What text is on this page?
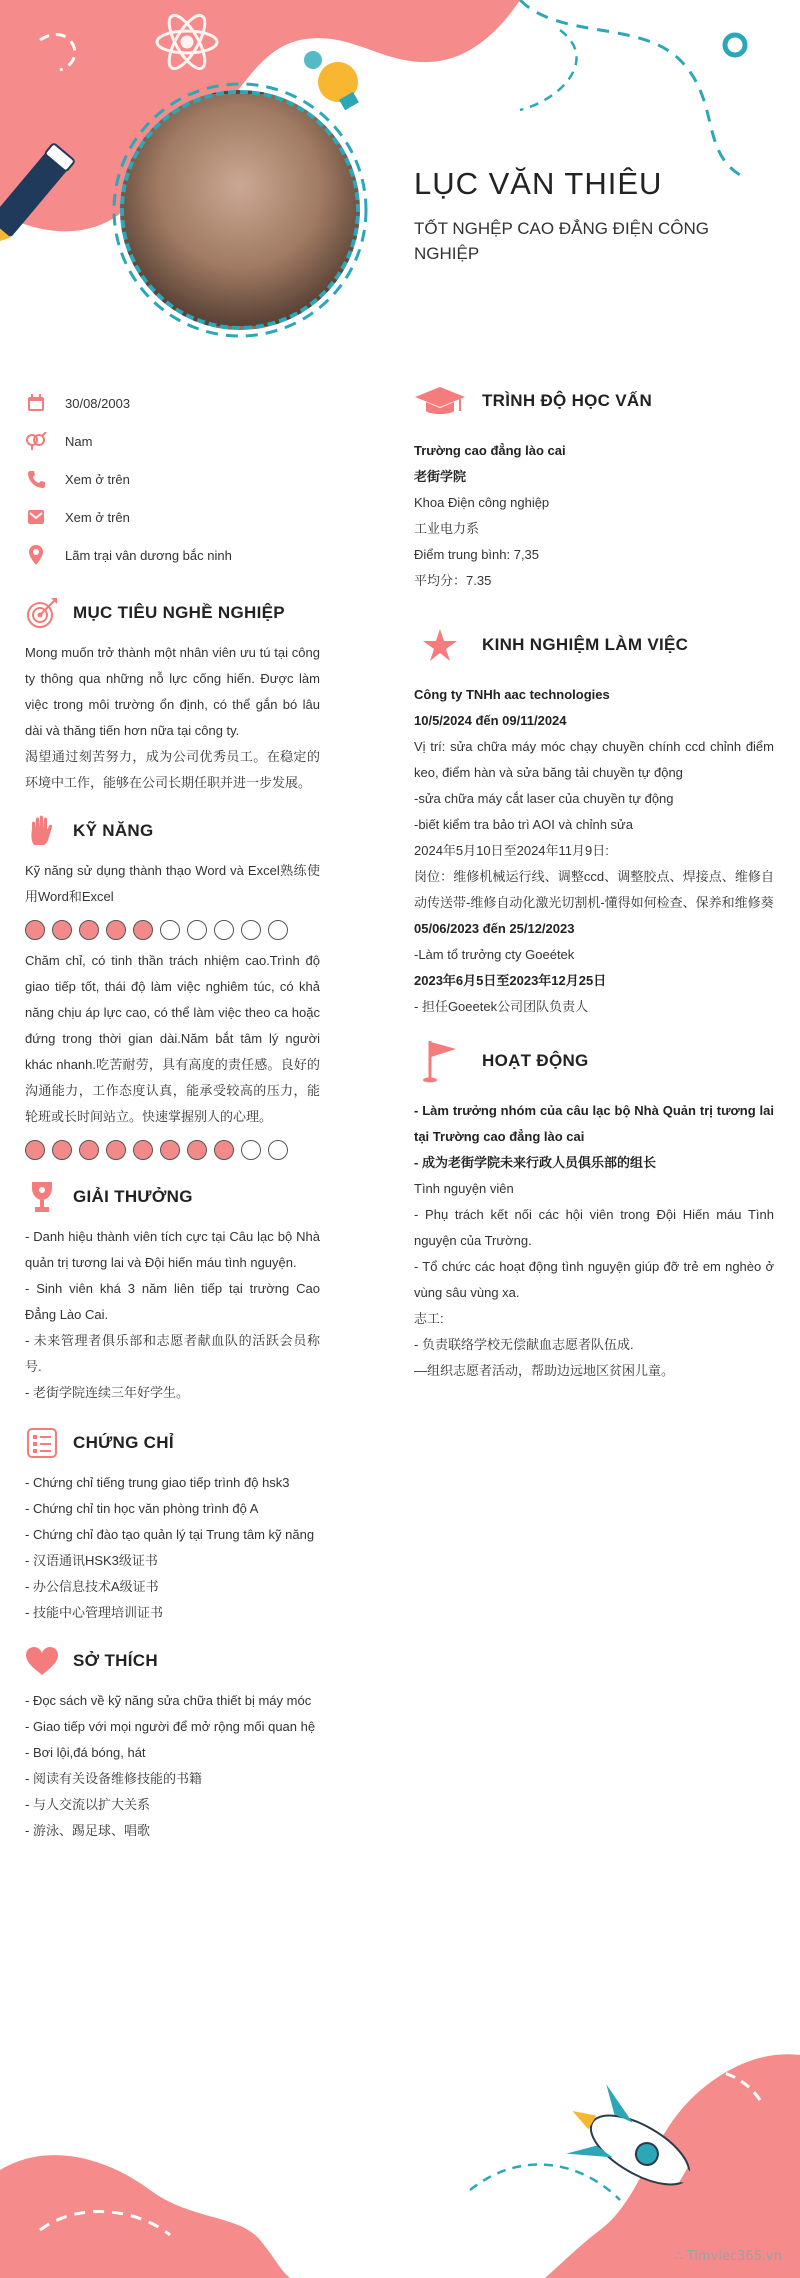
LỤC VĂN THIÊU
TỐT NGHỆP CAO ĐẲNG ĐIỆN CÔNG NGHIỆP
30/08/2003
Nam
Xem ở trên
Xem ở trên
Lãm trại vân dương bắc ninh
MỤC TIÊU NGHỀ NGHIỆP

Mong muốn trở thành một nhân viên ưu tú tại công ty thông qua những nỗ lực cống hiến. Được làm việc trong môi trường ổn định, có thể gắn bó lâu dài và thăng tiến hơn nữa tại công ty.

渴望通过刻苦努力，成为公司优秀员工。在稳定的环境中工作，能够在公司长期任职并进一步发展。

KỸ NĂNG

Kỹ năng sử dụng thành thạo Word và Excel熟练使用Word和Excel

Chăm chỉ, có tinh thần trách nhiệm cao.Trình độ giao tiếp tốt, thái độ làm việc nghiêm túc, có khả năng chịu áp lực cao, có thể làm việc theo ca hoặc đứng trong thời gian dài.Năm bắt tâm lý người khác nhanh.吃苦耐劳，具有高度的责任感。良好的沟通能力，工作态度认真，能承受较高的压力，能轮班或长时间站立。快速掌握别人的心理。

GIẢI THƯỞNG

- Danh hiệu thành viên tích cực tại Câu lạc bộ Nhà quản trị tương lai và Đội hiến máu tình nguyện.

- Sinh viên khá 3 năm liên tiếp tại trường Cao Đẳng Lào Cai.

- 未来管理者俱乐部和志愿者献血队的活跃会员称号.

- 老街学院连续三年好学生。

CHỨNG CHỈ

- Chứng chỉ tiếng trung giao tiếp trình độ hsk3

- Chứng chỉ tin học văn phòng trình độ A

- Chứng chỉ đào tạo quản lý tại Trung tâm kỹ năng

- 汉语通讯HSK3级证书

- 办公信息技术A级证书

- 技能中心管理培训证书

SỞ THÍCH

- Đọc sách về kỹ năng sửa chữa thiết bị máy móc

- Giao tiếp với mọi người để mở rộng mối quan hệ

- Bơi lội,đá bóng, hát

- 阅读有关设备维修技能的书籍

- 与人交流以扩大关系

- 游泳、踢足球、唱歌

TRÌNH ĐỘ HỌC VẤN

Trường cao đẳng lào cai

老街学院

Khoa Điện công nghiệp

工业电力系

Điểm trung bình: 7,35

平均分：7.35

KINH NGHIỆM LÀM VIỆC

Công ty TNHh aac technologies

10/5/2024 đến 09/11/2024

Vị trí: sửa chữa máy móc chạy chuyền chính ccd chỉnh điểm keo, điểm hàn và sửa băng tải chuyền tự động

-sửa chữa máy cắt laser của chuyền tự động

-biết kiểm tra bảo trì AOI và chỉnh sửa

2024年5月10日至2024年11月9日:

岗位：维修机械运行线、调整ccd、调整胶点、焊接点、维修自动传送带-维修自动化激光切割机-懂得如何检查、保养和维修葵

05/06/2023 đến 25/12/2023

-Làm tổ trưởng cty Goeétek

2023年6月5日至2023年12月25日

- 担任Goeetek公司团队负责人

HOẠT ĐỘNG

- Làm trưởng nhóm của câu lạc bộ Nhà Quản trị tương lai tại Trường cao đẳng lào cai

- 成为老街学院未来行政人员俱乐部的组长

Tình nguyện viên

- Phụ trách kết nối các hội viên trong Đội Hiến máu Tình nguyện của Trường.

- Tổ chức các hoạt động tình nguyện giúp đỡ trẻ em nghèo ở vùng sâu vùng xa.

志工:

- 负责联络学校无偿献血志愿者队伍成.

—组织志愿者活动，帮助边远地区贫困儿童。

∴ Timviec365.vn
